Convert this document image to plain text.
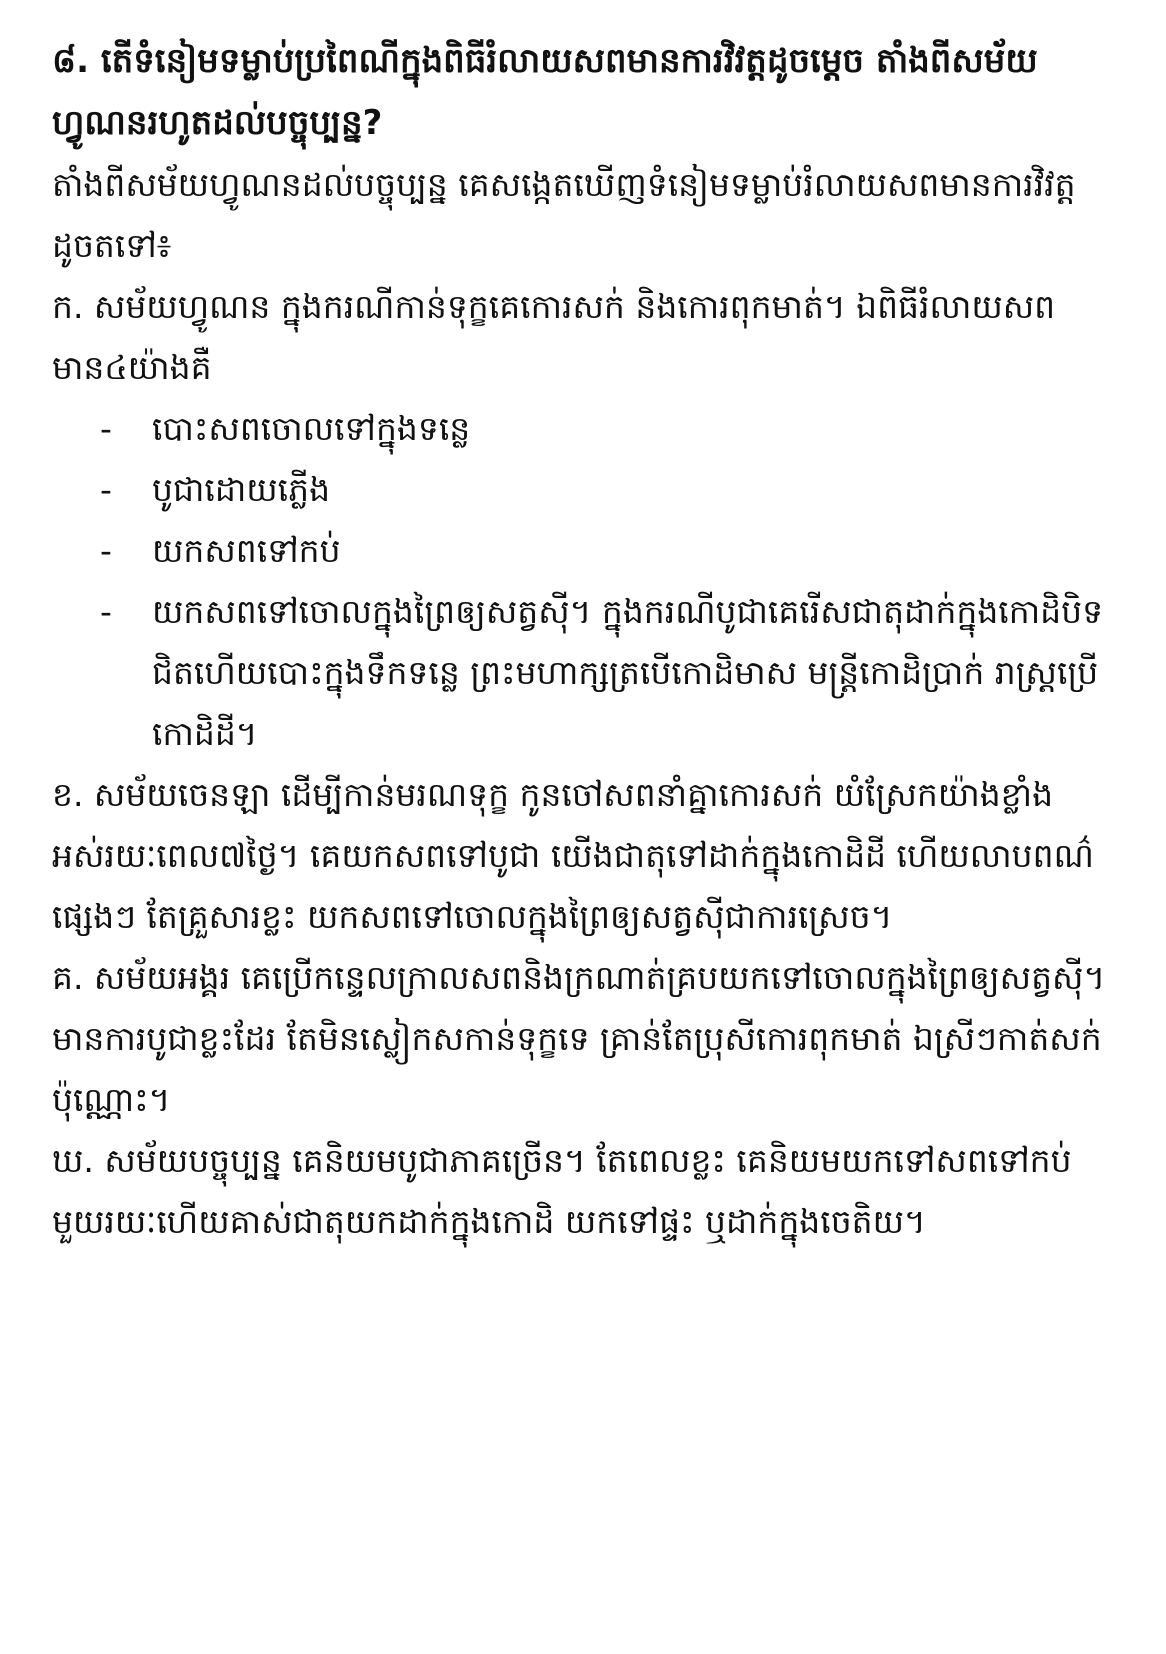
៨. តើទំនៀមទម្លាប់ប្រពៃណីក្នុងពិធីរំលាយសពមានការវិវត្តដូចម្ដេច តាំងពីសម័យហ្វូណនរហូតដល់បច្ចុប្បន្ន?

តាំងពីសម័យហ្វូណនដល់បច្ចុប្បន្ន គេសង្កេតឃើញទំនៀមទម្លាប់រំលាយសពមានការវិវត្តដូចតទៅ៖

ក. សម័យហ្វូណន ក្នុងករណីកាន់ទុក្ខគេកោរសក់ និងកោរពុកមាត់។ ឯពិធីរំលាយសពមាន៤យ៉ាងគឺ

- បោះសពចោលទៅក្នុងទន្លេ
- បូជាដោយភ្លើង
- យកសពទៅកប់
- យកសពទៅចោលក្នុងព្រៃឲ្យសត្វស៊ី។ ក្នុងករណីបូជាគេរើសជាតុដាក់ក្នុងកោដិបិទជិតហើយបោះក្នុងទឹកទន្លេ ព្រះមហាក្សត្របើកោដិមាស មន្ត្រីកោដិប្រាក់ រាស្ត្រប្រើកោដិដី។

ខ. សម័យចេនឡា ដើម្បីកាន់មរណទុក្ខ កូនចៅសពនាំគ្នាកោរសក់ យំស្រែកយ៉ាងខ្លាំងអស់រយៈពេល៧ថ្ងៃ។ គេយកសពទៅបូជា យើងជាតុទៅដាក់ក្នុងកោដិដី ហើយលាបពណ៌ផ្សេងៗ តែគ្រួសារខ្លះ យកសពទៅចោលក្នុងព្រៃឲ្យសត្វស៊ីជាការស្រេច។

គ. សម័យអង្គរ គេប្រើកន្ទេលក្រាលសពនិងក្រណាត់គ្របយកទៅចោលក្នុងព្រៃឲ្យសត្វស៊ី។ មានការបូជាខ្លះដែរ តែមិនស្លៀកសកាន់ទុក្ខទេ គ្រាន់តែប្រុសីកោរពុកមាត់ ឯស្រីៗកាត់សក់ប៉ុណ្ណោះ។

ឃ. សម័យបច្ចុប្បន្ន គេនិយមបូជាភាគច្រើន។ តែពេលខ្លះ គេនិយមយកទៅសពទៅកប់មួយរយៈហើយគាស់ជាតុយកដាក់ក្នុងកោដិ យកទៅផ្ទះ ឬដាក់ក្នុងចេតិយ។
